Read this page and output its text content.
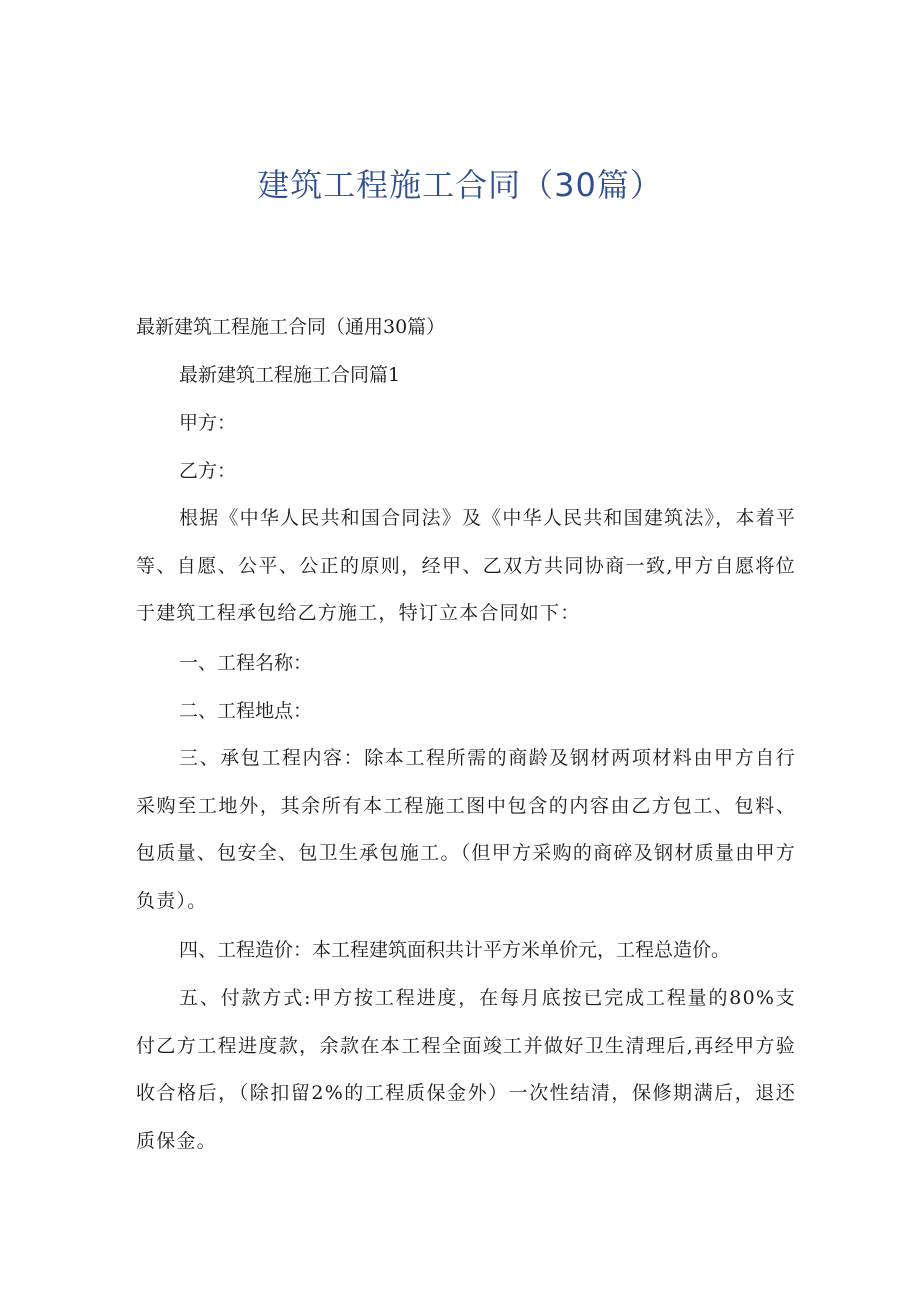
建筑工程施工合同（30篇）

最新建筑工程施工合同（通用30篇）

最新建筑工程施工合同篇1

甲方：

乙方：

根据《中华人民共和国合同法》及《中华人民共和国建筑法》，本着平等、自愿、公平、公正的原则，经甲、乙双方共同协商一致,甲方自愿将位于建筑工程承包给乙方施工，特订立本合同如下：

一、工程名称：

二、工程地点：

三、承包工程内容：除本工程所需的商龄及钢材两项材料由甲方自行采购至工地外，其余所有本工程施工图中包含的内容由乙方包工、包料、包质量、包安全、包卫生承包施工。（但甲方采购的商碎及钢材质量由甲方负责）。

四、工程造价：本工程建筑面积共计平方米单价元，工程总造价。

五、付款方式:甲方按工程进度，在每月底按已完成工程量的80%支付乙方工程进度款，余款在本工程全面竣工并做好卫生清理后,再经甲方验收合格后，（除扣留2%的工程质保金外）一次性结清，保修期满后，退还质保金。
